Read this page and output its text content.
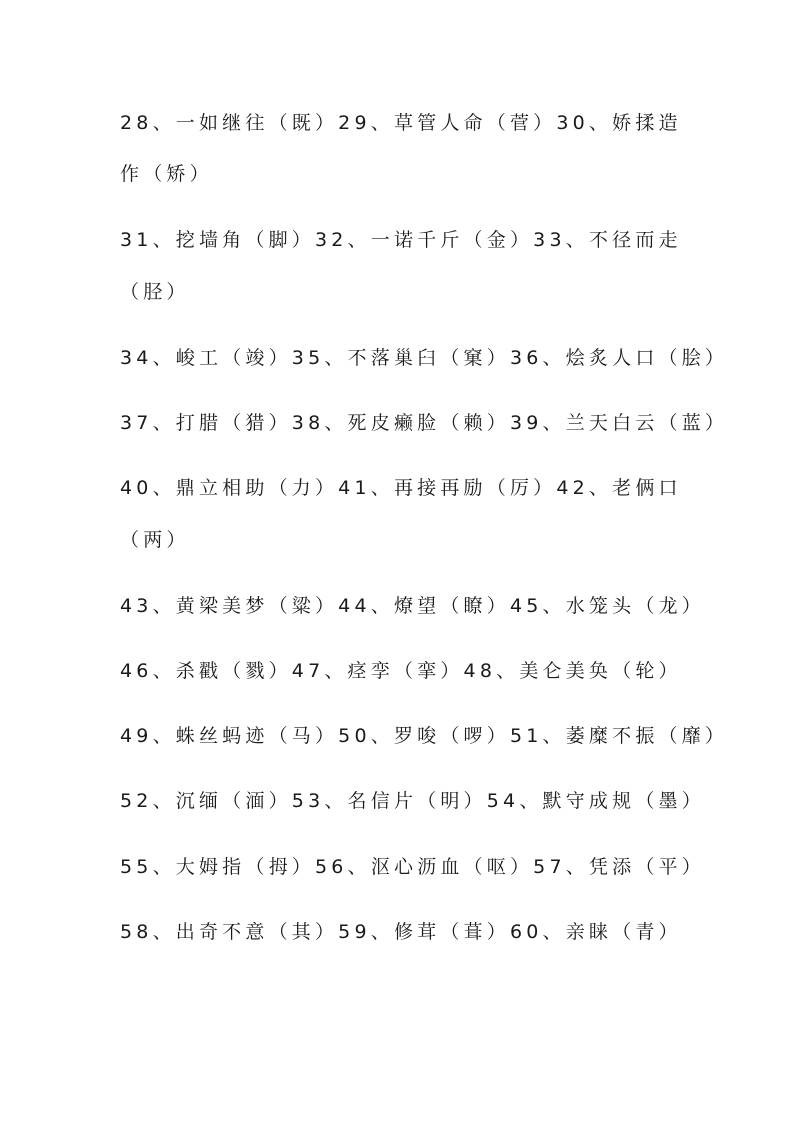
28、一如继往（既）29、草管人命（菅）30、娇揉造
作（矫）
31、挖墙角（脚）32、一诺千斤（金）33、不径而走
（胫）
34、峻工（竣）35、不落巢臼（窠）36、烩炙人口（脍）
37、打腊（猎）38、死皮癞脸（赖）39、兰天白云（蓝）
40、鼎立相助（力）41、再接再励（厉）42、老俩口
（两）
43、黄梁美梦（粱）44、燎望（瞭）45、水笼头（龙）
46、杀戳（戮）47、痉孪（挛）48、美仑美奂（轮）
49、蛛丝蚂迹（马）50、罗唆（啰）51、萎糜不振（靡）
52、沉缅（湎）53、名信片（明）54、默守成规（墨）
55、大姆指（拇）56、沤心沥血（呕）57、凭添（平）
58、出奇不意（其）59、修茸（葺）60、亲睐（青）
